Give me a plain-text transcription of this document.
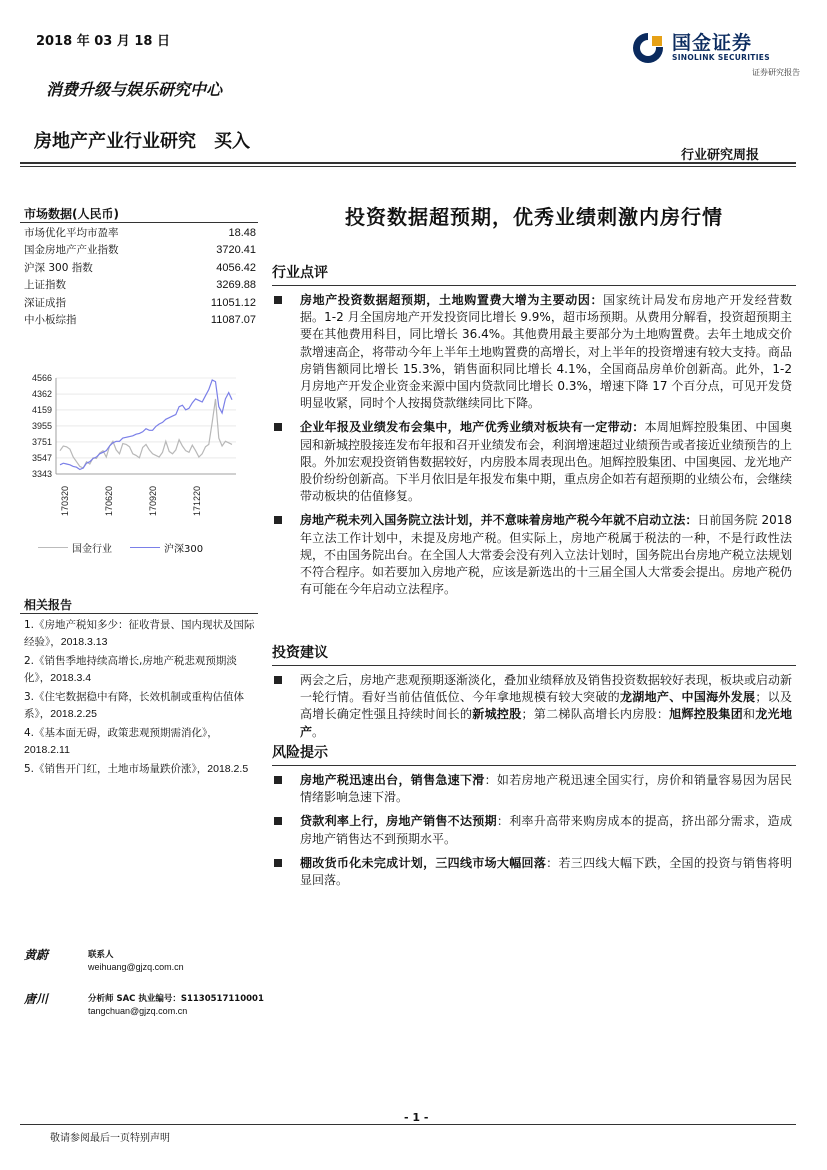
2018 年 03 月 18 日	国金证券
SINOLINK SECURITIES
证券研究报告
消费升级与娱乐研究中心
房地产产业行业研究　买入
行业研究周报
市场数据(人民币)
市场优化平均市盈率	18.48
国金房地产产业指数	3720.41
沪深 300 指数	4056.42
上证指数	3269.88
深证成指	11051.12
中小板综指	11087.07
4566
4362
4159
3955
3751
3547
3343
170320	170620	170920	171220
国金行业	沪深300
相关报告
1.《房地产税知多少：征收背景、国内现状及国际经验》，2018.3.13
2.《销售季地持续高增长,房地产税悲观预期淡化》，2018.3.4
3.《住宅数据稳中有降，长效机制或重构估值体系》，2018.2.25
4.《基本面无碍，政策悲观预期需消化》，2018.2.11
5.《销售开门红，土地市场量跌价涨》，2018.2.5
投资数据超预期，优秀业绩刺激内房行情
行业点评
房地产投资数据超预期，土地购置费大增为主要动因：国家统计局发布房地产开发经营数据。1-2 月全国房地产开发投资同比增长 9.9%，超市场预期。从费用分解看，投资超预期主要在其他费用科目，同比增长 36.4%。其他费用最主要部分为土地购置费。去年土地成交价款增速高企，将带动今年上半年土地购置费的高增长，对上半年的投资增速有较大支持。商品房销售额同比增长 15.3%，销售面积同比增长 4.1%，全国商品房单价创新高。此外，1-2 月房地产开发企业资金来源中国内贷款同比增长 0.3%，增速下降 17 个百分点，可见开发贷明显收紧，同时个人按揭贷款继续同比下降。
企业年报及业绩发布会集中，地产优秀业绩对板块有一定带动：本周旭辉控股集团、中国奥园和新城控股接连发布年报和召开业绩发布会，利润增速超过业绩预告或者接近业绩预告的上限。外加宏观投资销售数据较好，内房股本周表现出色。旭辉控股集团、中国奥园、龙光地产股价纷纷创新高。下半月依旧是年报发布集中期，重点房企如若有超预期的业绩公布，会继续带动板块的估值修复。
房地产税未列入国务院立法计划，并不意味着房地产税今年就不启动立法：日前国务院 2018 年立法工作计划中，未提及房地产税。但实际上，房地产税属于税法的一种，不是行政性法规，不由国务院出台。在全国人大常委会没有列入立法计划时，国务院出台房地产税立法规划不符合程序。如若要加入房地产税，应该是新选出的十三届全国人大常委会提出。房地产税仍有可能在今年启动立法程序。
投资建议
两会之后，房地产悲观预期逐渐淡化，叠加业绩释放及销售投资数据较好表现，板块或启动新一轮行情。看好当前估值低位、今年拿地规模有较大突破的龙湖地产、中国海外发展；以及高增长确定性强且持续时间长的新城控股；第二梯队高增长内房股：旭辉控股集团和龙光地产。
风险提示
房地产税迅速出台，销售急速下滑：如若房地产税迅速全国实行，房价和销量容易因为居民情绪影响急速下滑。
贷款利率上行，房地产销售不达预期：利率升高带来购房成本的提高，挤出部分需求，造成房地产销售达不到预期水平。
棚改货币化未完成计划，三四线市场大幅回落：若三四线大幅下跌，全国的投资与销售将明显回落。
黄蔚	联系人
weihuang@gjzq.com.cn
唐川	分析师 SAC 执业编号：S1130517110001
tangchuan@gjzq.com.cn
- 1 -
敬请参阅最后一页特别声明
